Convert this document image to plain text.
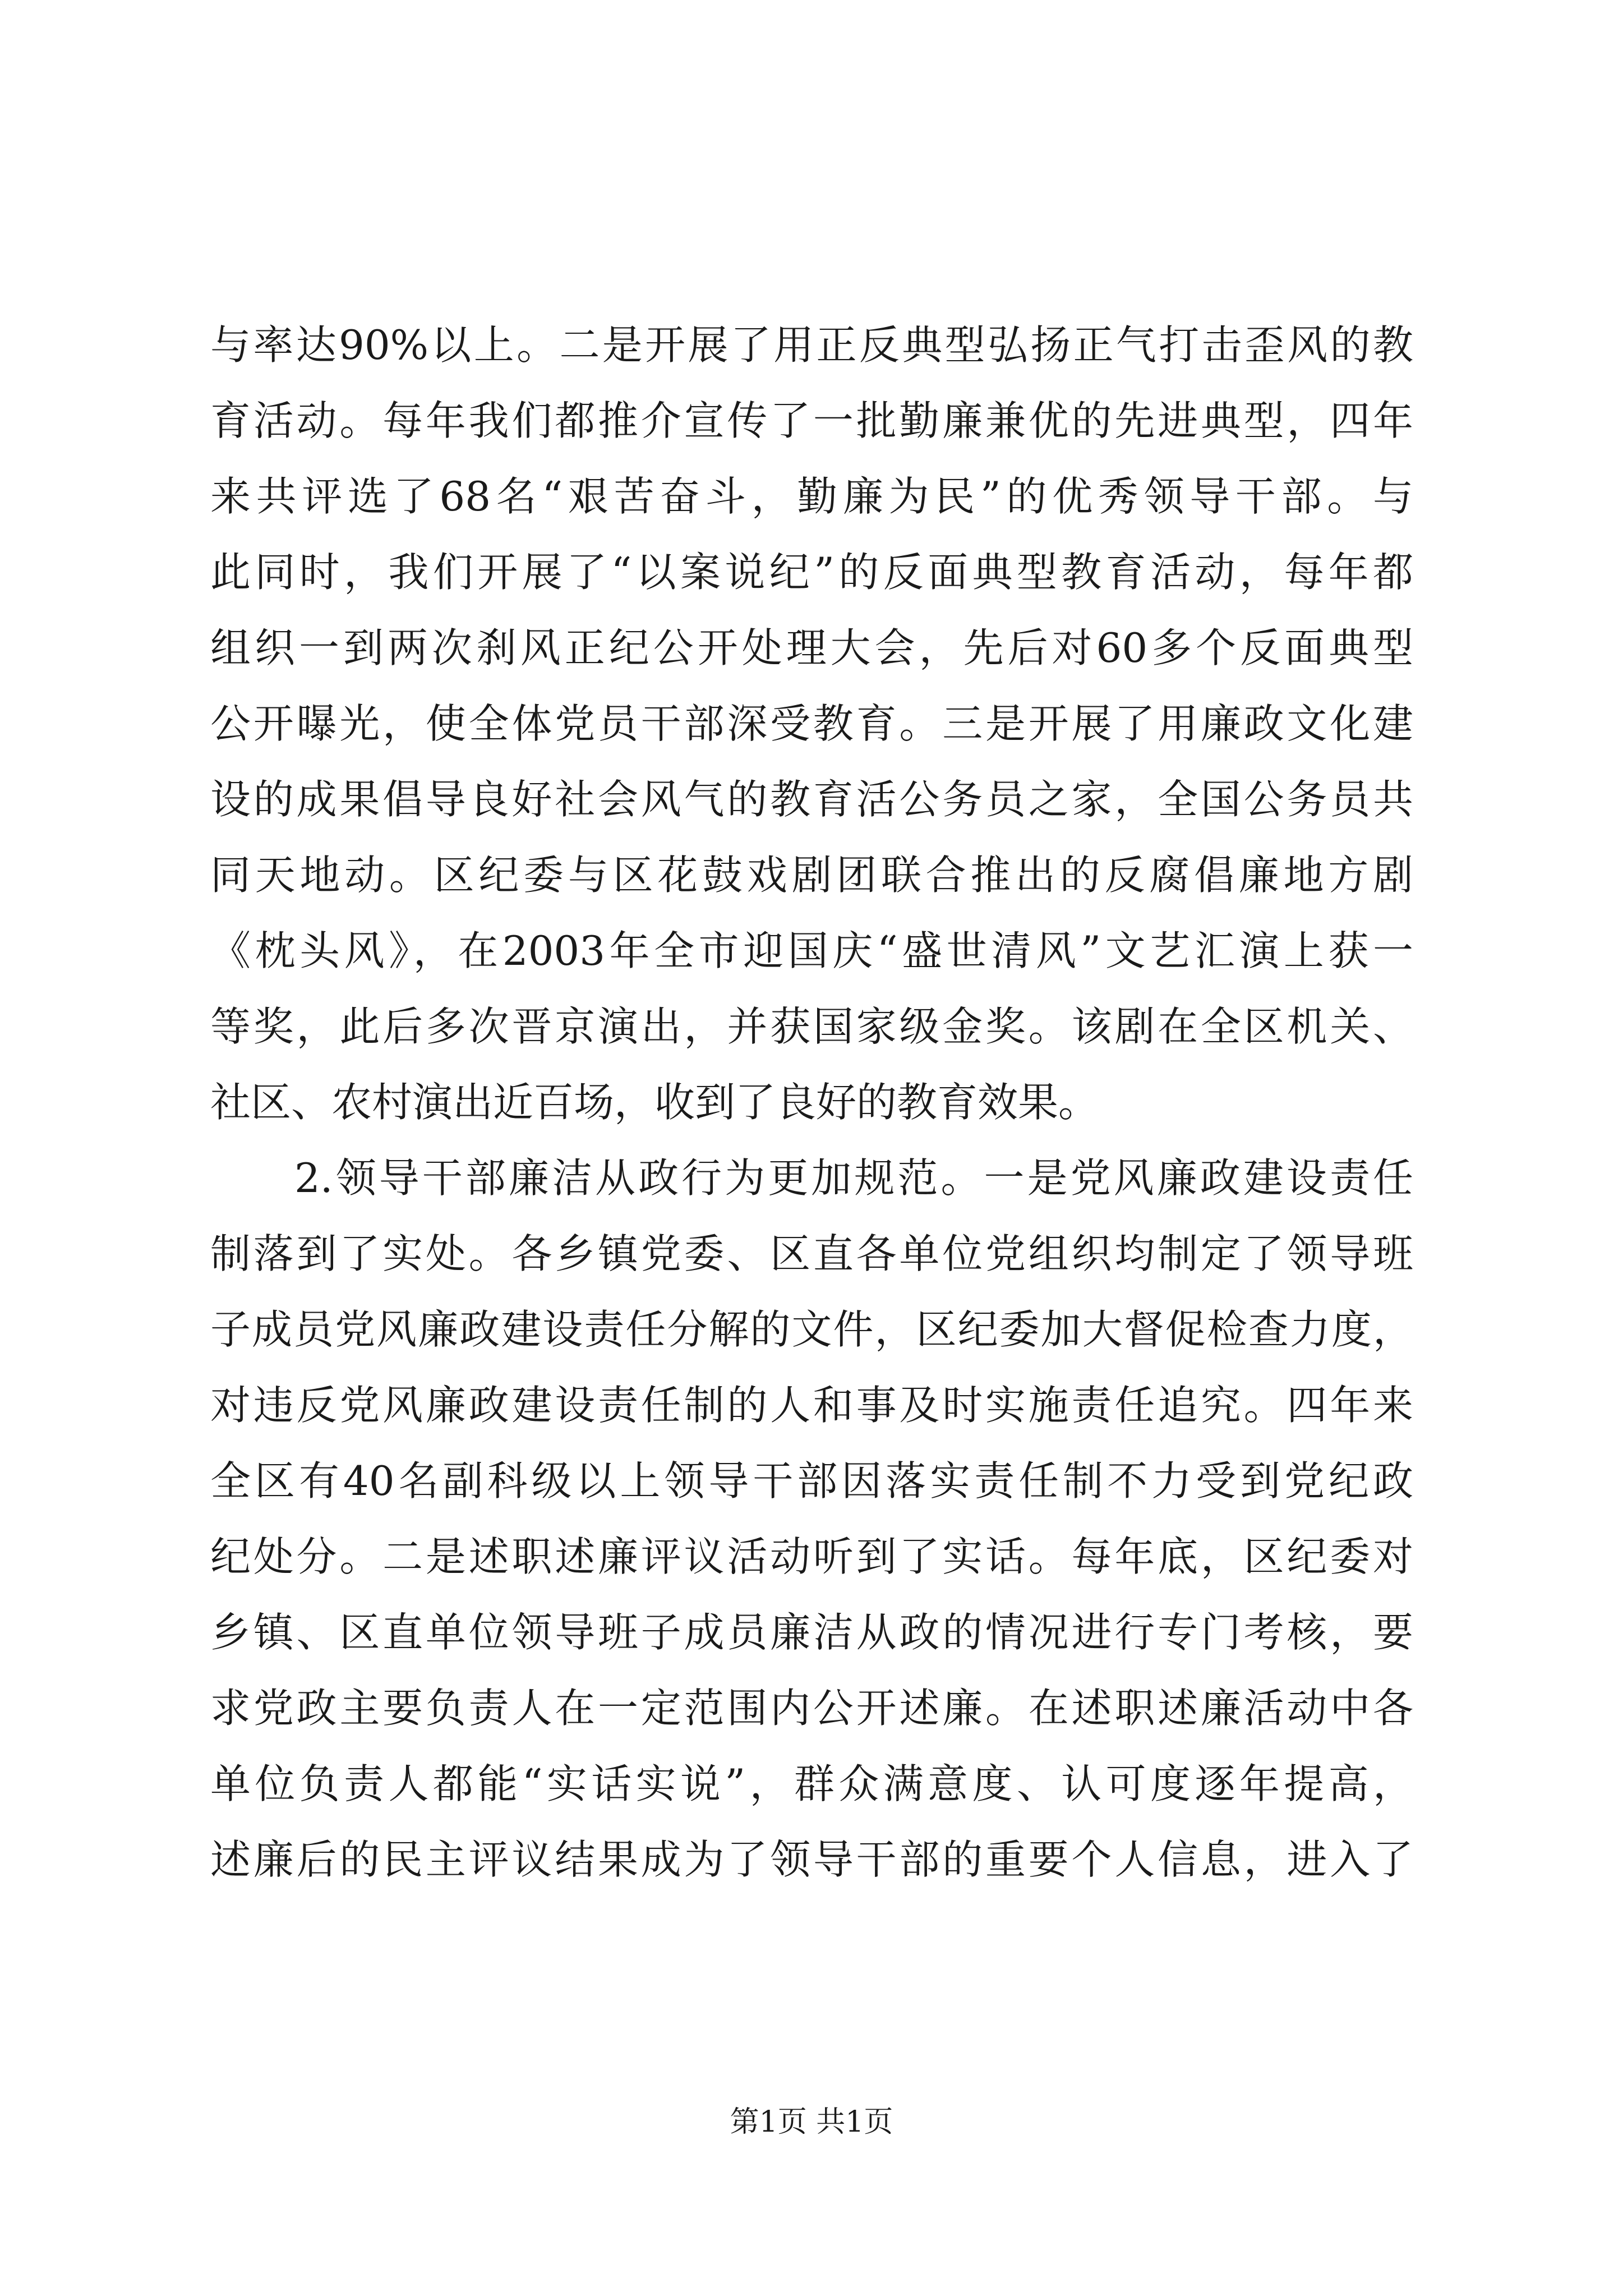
与率达90%以上。二是开展了用正反典型弘扬正气打击歪风的教
育活动。每年我们都推介宣传了一批勤廉兼优的先进典型，四年
来共评选了68名“艰苦奋斗，勤廉为民”的优秀领导干部。与
此同时，我们开展了“以案说纪”的反面典型教育活动，每年都
组织一到两次刹风正纪公开处理大会，先后对60多个反面典型
公开曝光，使全体党员干部深受教育。三是开展了用廉政文化建
设的成果倡导良好社会风气的教育活公务员之家，全国公务员共
同天地动。区纪委与区花鼓戏剧团联合推出的反腐倡廉地方剧
《枕头风》，在2003年全市迎国庆“盛世清风”文艺汇演上获一
等奖，此后多次晋京演出，并获国家级金奖。该剧在全区机关、
社区、农村演出近百场，收到了良好的教育效果。
2.领导干部廉洁从政行为更加规范。一是党风廉政建设责任
制落到了实处。各乡镇党委、区直各单位党组织均制定了领导班
子成员党风廉政建设责任分解的文件，区纪委加大督促检查力度，
对违反党风廉政建设责任制的人和事及时实施责任追究。四年来
全区有40名副科级以上领导干部因落实责任制不力受到党纪政
纪处分。二是述职述廉评议活动听到了实话。每年底，区纪委对
乡镇、区直单位领导班子成员廉洁从政的情况进行专门考核，要
求党政主要负责人在一定范围内公开述廉。在述职述廉活动中各
单位负责人都能“实话实说”，群众满意度、认可度逐年提高，
述廉后的民主评议结果成为了领导干部的重要个人信息，进入了
第1页 共1页
